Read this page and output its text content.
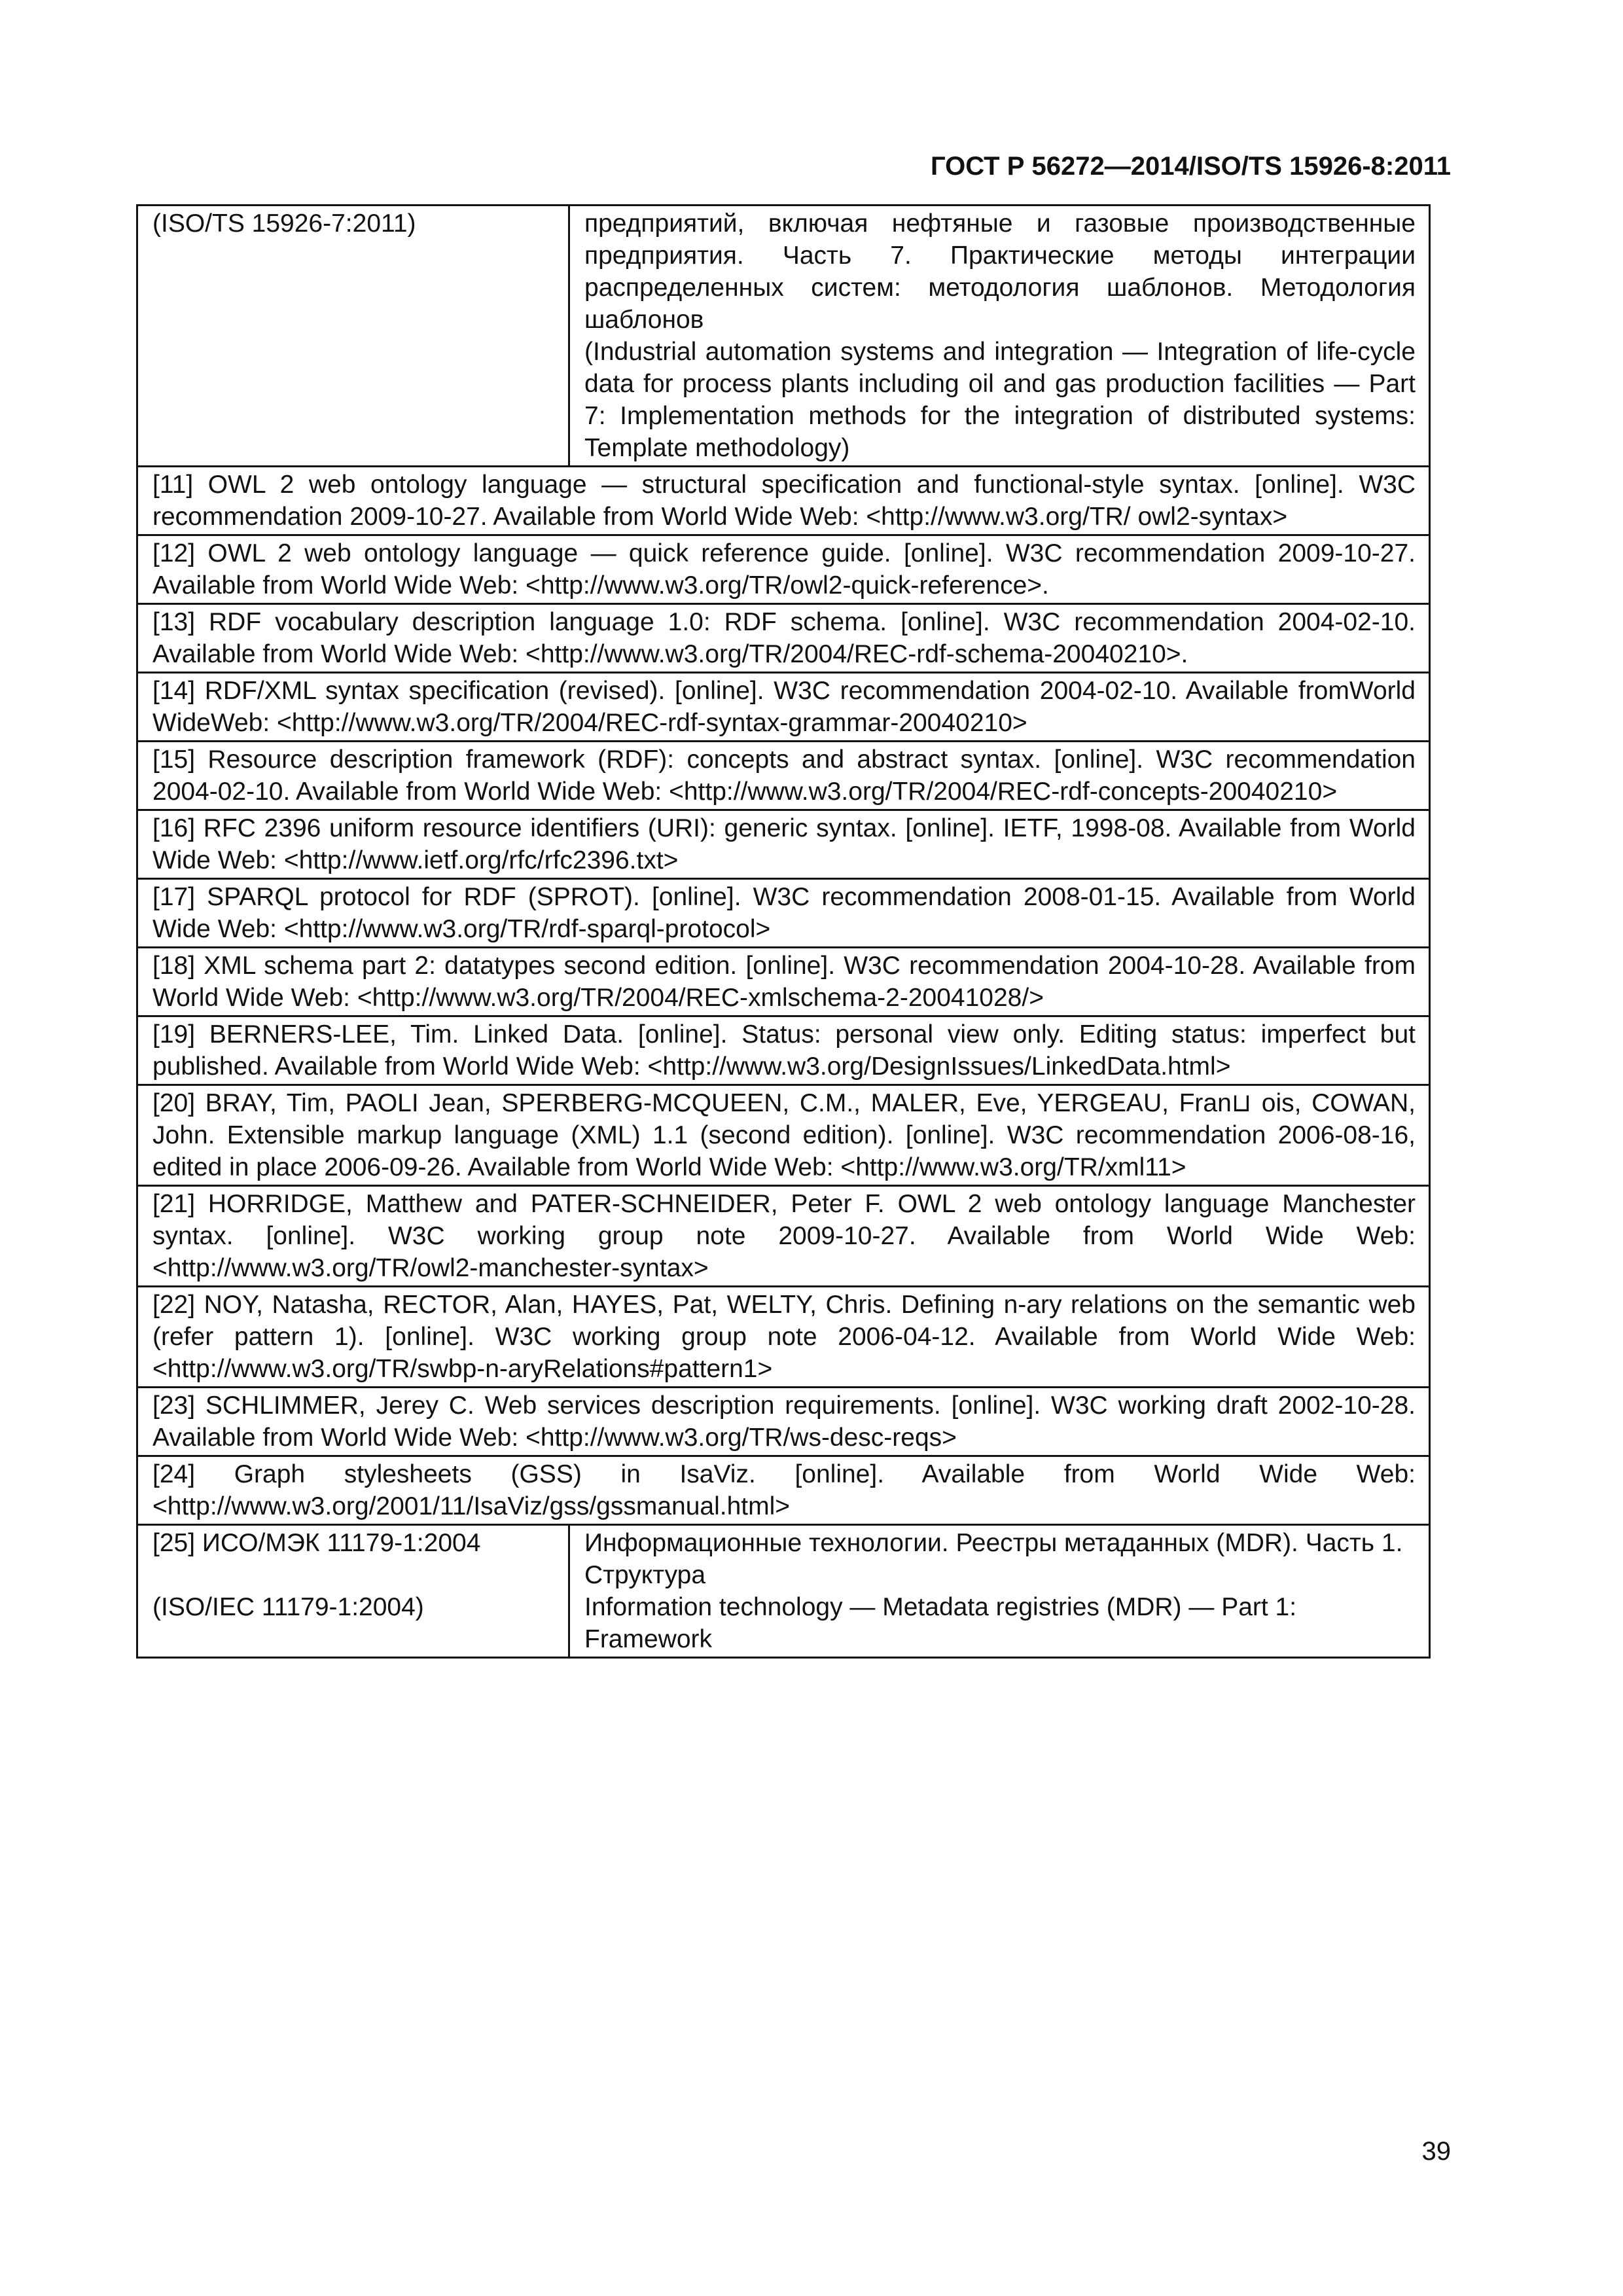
ГОСТ Р 56272—2014/ISO/TS 15926-8:2011
(ISO/TS 15926-7:2011)	предприятий, включая нефтяные и газовые производственные предприятия. Часть 7. Практические методы интеграции распределенных систем: методология шаблонов. Методология шаблонов
(Industrial automation systems and integration — Integration of life-cycle data for process plants including oil and gas production facilities — Part 7: Implementation methods for the integration of distributed systems: Template methodology)

[11] OWL 2 web ontology language — structural specification and functional-style syntax. [online]. W3C recommendation 2009-10-27. Available from World Wide Web: <http://www.w3.org/TR/ owl2-syntax>	
[12] OWL 2 web ontology language — quick reference guide. [online]. W3C recommendation 2009-10-27. Available from World Wide Web: <http://www.w3.org/TR/owl2-quick-reference>.	
[13] RDF vocabulary description language 1.0: RDF schema. [online]. W3C recommendation 2004-02-10. Available from World Wide Web: <http://www.w3.org/TR/2004/REC-rdf-schema-20040210>.	
[14] RDF/XML syntax specification (revised). [online]. W3C recommendation 2004-02-10. Available fromWorld WideWeb: <http://www.w3.org/TR/2004/REC-rdf-syntax-grammar-20040210>	
[15] Resource description framework (RDF): concepts and abstract syntax. [online]. W3C recommendation 2004-02-10. Available from World Wide Web: <http://www.w3.org/TR/2004/REC-rdf-concepts-20040210>	
[16] RFC 2396 uniform resource identifiers (URI): generic syntax. [online]. IETF, 1998-08. Available from World Wide Web: <http://www.ietf.org/rfc/rfc2396.txt>	
[17] SPARQL protocol for RDF (SPROT). [online]. W3C recommendation 2008-01-15. Available from World Wide Web: <http://www.w3.org/TR/rdf-sparql-protocol>	
[18] XML schema part 2: datatypes second edition. [online]. W3C recommendation 2004-10-28. Available from World Wide Web: <http://www.w3.org/TR/2004/REC-xmlschema-2-20041028/>	
[19] BERNERS-LEE, Tim. Linked Data. [online]. Status: personal view only. Editing status: imperfect but published. Available from World Wide Web: <http://www.w3.org/DesignIssues/LinkedData.html>	
[20] BRAY, Tim, PAOLI Jean, SPERBERG-MCQUEEN, C.M., MALER, Eve, YERGEAU, Fran⊔ ois, COWAN, John. Extensible markup language (XML) 1.1 (second edition). [online]. W3C recommendation 2006-08-16, edited in place 2006-09-26. Available from World Wide Web: <http://www.w3.org/TR/xml11>	
[21] HORRIDGE, Matthew and PATER-SCHNEIDER, Peter F. OWL 2 web ontology language Manchester syntax. [online]. W3C working group note 2009-10-27. Available from World Wide Web: <http://www.w3.org/TR/owl2-manchester-syntax>	
[22] NOY, Natasha, RECTOR, Alan, HAYES, Pat, WELTY, Chris. Defining n-ary relations on the semantic web (refer pattern 1). [online]. W3C working group note 2006-04-12. Available from World Wide Web: <http://www.w3.org/TR/swbp-n-aryRelations#pattern1>	
[23] SCHLIMMER, Jerey C. Web services description requirements. [online]. W3C working draft 2002-10-28. Available from World Wide Web: <http://www.w3.org/TR/ws-desc-reqs>	
[24] Graph stylesheets (GSS) in IsaViz. [online]. Available from World Wide Web: <http://www.w3.org/2001/11/IsaViz/gss/gssmanual.html>	

[25] ИСО/МЭК 11179-1:2004
(ISO/IEC 11179-1:2004)	Информационные технологии. Реестры метаданных (MDR). Часть 1. Структура
Information technology — Metadata registries (MDR) — Part 1: Framework
39
